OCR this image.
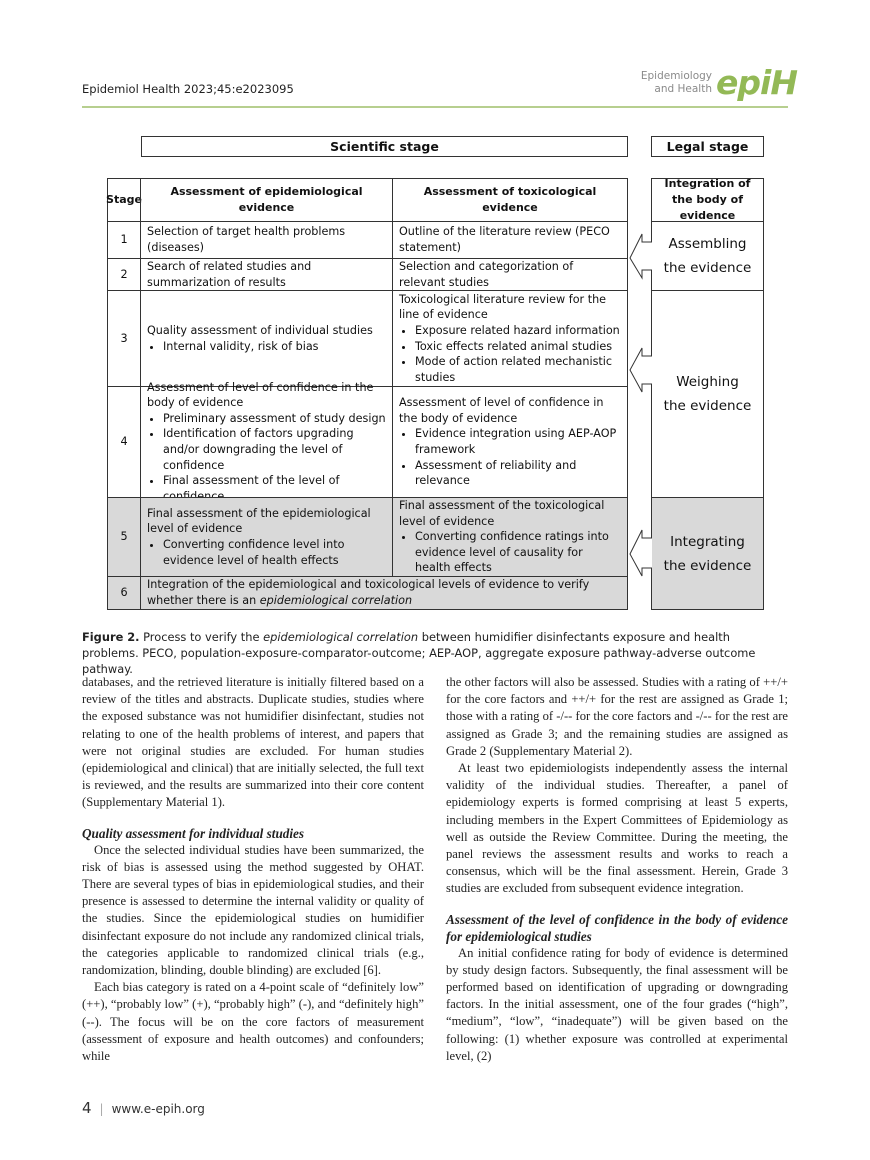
Epidemiol Health 2023;45:e2023095
Epidemiology
and Health epiH
Scientific stage	Legal stage
Stage
Assessment of epidemiological evidence
Assessment of toxicological evidence
Integration of the body of evidence
1
Selection of target health problems (diseases)
Outline of the literature review (PECO statement)
2
Search of related studies and summarization of results
Selection and categorization of relevant studies
3
Quality assessment of individual studies
• Internal validity, risk of bias
Toxicological literature review for the line of evidence
• Exposure related hazard information
• Toxic effects related animal studies
• Mode of action related mechanistic studies
4
Assessment of level of confidence in the body of evidence
• Preliminary assessment of study design
• Identification of factors upgrading and/or downgrading the level of confidence
• Final assessment of the level of
Assessment of level of confidence in the body of evidence
• Evidence integration using AEP-AOP framework
• Assessment of reliability and relevance
5
Final assessment of the epidemiological level of evidence
• Converting confidence level into evidence level of health effects
Final assessment of the toxicological level of evidence
• Converting confidence ratings into evidence level of causality for health effects
6
Integration of the epidemiological and toxicological levels of evidence to verify whether there is an epidemiological correlation
Assembling
the evidence
Weighing
the evidence
Integrating
the evidence
Figure 2. Process to verify the epidemiological correlation between humidifier disinfectants exposure and health problems. PECO, population-exposure-comparator-outcome; AEP-AOP, aggregate exposure pathway-adverse outcome pathway.

databases, and the retrieved literature is initially filtered based on a review of the titles and abstracts. Duplicate studies, studies where the exposed substance was not humidifier disinfectant, studies not relating to one of the health problems of interest, and papers that were not original studies are excluded. For human studies (epidemiological and clinical) that are initially selected, the full text is reviewed, and the results are summarized into their core content (Supplementary Material 1).

Quality assessment for individual studies

Once the selected individual studies have been summarized, the risk of bias is assessed using the method suggested by OHAT. There are several types of bias in epidemiological studies, and their presence is assessed to determine the internal validity or quality of the studies. Since the epidemiological studies on humidifier disinfectant exposure do not include any randomized clinical trials, the categories applicable to randomized clinical trials (e.g., randomization, blinding, double blinding) are excluded [6].

Each bias category is rated on a 4-point scale of “definitely low” (++), “probably low” (+), “probably high” (-), and “definitely high” (--). The focus will be on the core factors of measurement (assessment of exposure and health outcomes) and confounders; while

the other factors will also be assessed. Studies with a rating of ++/+ for the core factors and ++/+ for the rest are assigned as Grade 1; those with a rating of -/-- for the core factors and -/-- for the rest are assigned as Grade 3; and the remaining studies are assigned as Grade 2 (Supplementary Material 2).

At least two epidemiologists independently assess the internal validity of the individual studies. Thereafter, a panel of epidemiology experts is formed comprising at least 5 experts, including members in the Expert Committees of Epidemiology as well as outside the Review Committee. During the meeting, the panel reviews the assessment results and works to reach a consensus, which will be the final assessment. Herein, Grade 3 studies are excluded from subsequent evidence integration.

Assessment of the level of confidence in the body of evidence for epidemiological studies

An initial confidence rating for body of evidence is determined by study design factors. Subsequently, the final assessment will be performed based on identification of upgrading or downgrading factors. In the initial assessment, one of the four grades (“high”, “medium”, “low”, “inadequate”) will be given based on the following: (1) whether exposure was controlled at experimental level, (2)

4 | www.e-epih.org
